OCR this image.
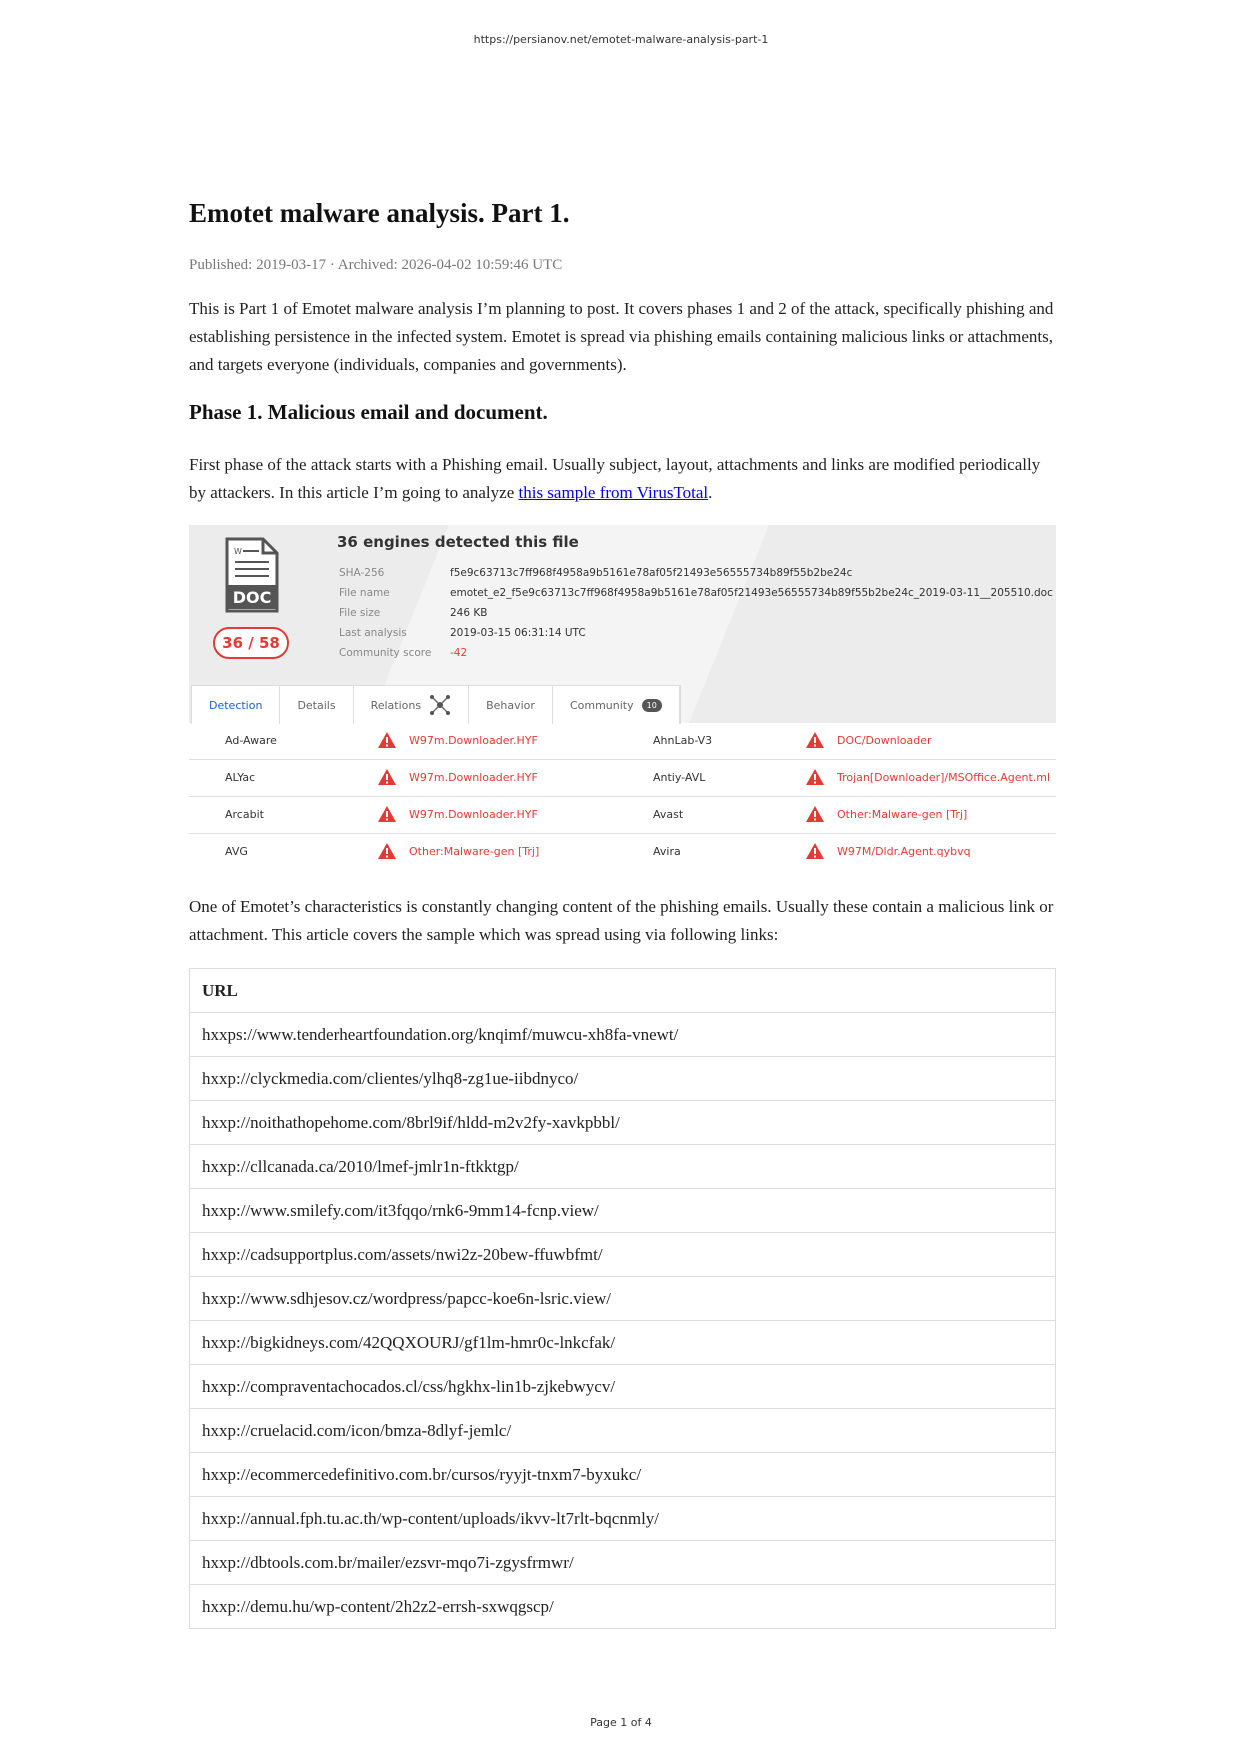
https://persianov.net/emotet-malware-analysis-part-1
Emotet malware analysis. Part 1.
Published: 2019-03-17 · Archived: 2026-04-02 10:59:46 UTC

This is Part 1 of Emotet malware analysis I’m planning to post. It covers phases 1 and 2 of the attack, specifically phishing and establishing persistence in the infected system. Emotet is spread via phishing emails containing malicious links or attachments, and targets everyone (individuals, companies and governments).

Phase 1. Malicious email and document.

First phase of the attack starts with a Phishing email. Usually subject, layout, attachments and links are modified periodically by attackers. In this article I’m going to analyze this sample from VirusTotal.

W
DOC
36 / 58
36 engines detected this file
SHA-256	f5e9c63713c7ff968f4958a9b5161e78af05f21493e56555734b89f55b2be24c
File name	emotet_e2_f5e9c63713c7ff968f4958a9b5161e78af05f21493e56555734b89f55b2be24c_2019-03-11__205510.doc
File size	246 KB
Last analysis	2019-03-15 06:31:14 UTC
Community score -42
Detection	Details	Relations	Behavior	Community	10
Ad-Aware	W97m.Downloader.HYF	AhnLab-V3	DOC/Downloader
ALYac	W97m.Downloader.HYF	Antiy-AVL	Trojan[Downloader]/MSOffice.Agent.ml
Arcabit	W97m.Downloader.HYF	Avast	Other:Malware-gen [Trj]
AVG	Other:Malware-gen [Trj]	Avira	W97M/Dldr.Agent.qybvq

One of Emotet’s characteristics is constantly changing content of the phishing emails. Usually these contain a malicious link or attachment. This article covers the sample which was spread using via following links:

URL
hxxps://www.tenderheartfoundation.org/knqimf/muwcu-xh8fa-vnewt/
hxxp://clyckmedia.com/clientes/ylhq8-zg1ue-iibdnyco/
hxxp://noithathopehome.com/8brl9if/hldd-m2v2fy-xavkpbbl/
hxxp://cllcanada.ca/2010/lmef-jmlr1n-ftkktgp/
hxxp://www.smilefy.com/it3fqqo/rnk6-9mm14-fcnp.view/
hxxp://cadsupportplus.com/assets/nwi2z-20bew-ffuwbfmt/
hxxp://www.sdhjesov.cz/wordpress/papcc-koe6n-lsric.view/
hxxp://bigkidneys.com/42QQXOURJ/gf1lm-hmr0c-lnkcfak/
hxxp://compraventachocados.cl/css/hgkhx-lin1b-zjkebwycv/
hxxp://cruelacid.com/icon/bmza-8dlyf-jemlc/
hxxp://ecommercedefinitivo.com.br/cursos/ryyjt-tnxm7-byxukc/
hxxp://annual.fph.tu.ac.th/wp-content/uploads/ikvv-lt7rlt-bqcnmly/
hxxp://dbtools.com.br/mailer/ezsvr-mqo7i-zgysfrmwr/
hxxp://demu.hu/wp-content/2h2z2-errsh-sxwqgscp/
Page 1 of 4
